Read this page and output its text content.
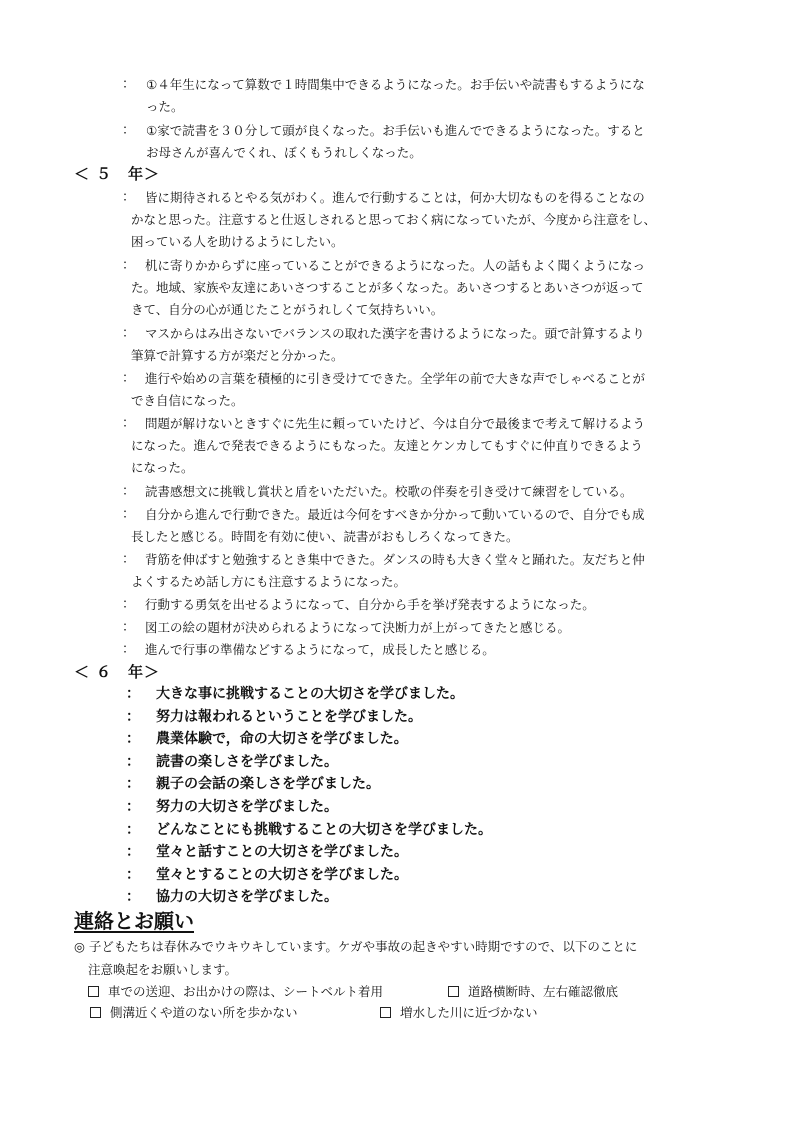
： ①４年生になって算数で１時間集中できるようになった。お手伝いや読書もするようにな
った。
： ①家で読書を３０分して頭が良くなった。お手伝いも進んでできるようになった。すると
お母さんが喜んでくれ、ぼくもうれしくなった。
＜ ５ 年＞
： 皆に期待されるとやる気がわく。進んで行動することは，何か大切なものを得ることなの
かなと思った。注意すると仕返しされると思っておく病になっていたが、今度から注意をし、
困っている人を助けるようにしたい。
： 机に寄りかからずに座っていることができるようになった。人の話もよく聞くようになっ
た。地域、家族や友達にあいさつすることが多くなった。あいさつするとあいさつが返って
きて、自分の心が通じたことがうれしくて気持ちいい。
： マスからはみ出さないでバランスの取れた漢字を書けるようになった。頭で計算するより
筆算で計算する方が楽だと分かった。
： 進行や始めの言葉を積極的に引き受けてできた。全学年の前で大きな声でしゃべることが
でき自信になった。
： 問題が解けないときすぐに先生に頼っていたけど、今は自分で最後まで考えて解けるよう
になった。進んで発表できるようにもなった。友達とケンカしてもすぐに仲直りできるよう
になった。
： 読書感想文に挑戦し賞状と盾をいただいた。校歌の伴奏を引き受けて練習をしている。
： 自分から進んで行動できた。最近は今何をすべきか分かって動いているので、自分でも成
長したと感じる。時間を有効に使い、読書がおもしろくなってきた。
： 背筋を伸ばすと勉強するとき集中できた。ダンスの時も大きく堂々と踊れた。友だちと仲
よくするため話し方にも注意するようになった。
： 行動する勇気を出せるようになって、自分から手を挙げ発表するようになった。
： 図工の絵の題材が決められるようになって決断力が上がってきたと感じる。
： 進んで行事の準備などするようになって，成長したと感じる。
＜ ６ 年＞
： 大きな事に挑戦することの大切さを学びました。
： 努力は報われるということを学びました。
： 農業体験で，命の大切さを学びました。
： 読書の楽しさを学びました。
： 親子の会話の楽しさを学びました。
： 努力の大切さを学びました。
： どんなことにも挑戦することの大切さを学びました。
： 堂々と話すことの大切さを学びました。
： 堂々とすることの大切さを学びました。
： 協力の大切さを学びました。
連絡とお願い
◎ 子どもたちは春休みでウキウキしています。ケガや事故の起きやすい時期ですので、以下のことに
注意喚起をお願いします。
車での送迎、お出かけの際は、シートベルト着用	道路横断時、左右確認徹底
側溝近くや道のない所を歩かない	増水した川に近づかない
